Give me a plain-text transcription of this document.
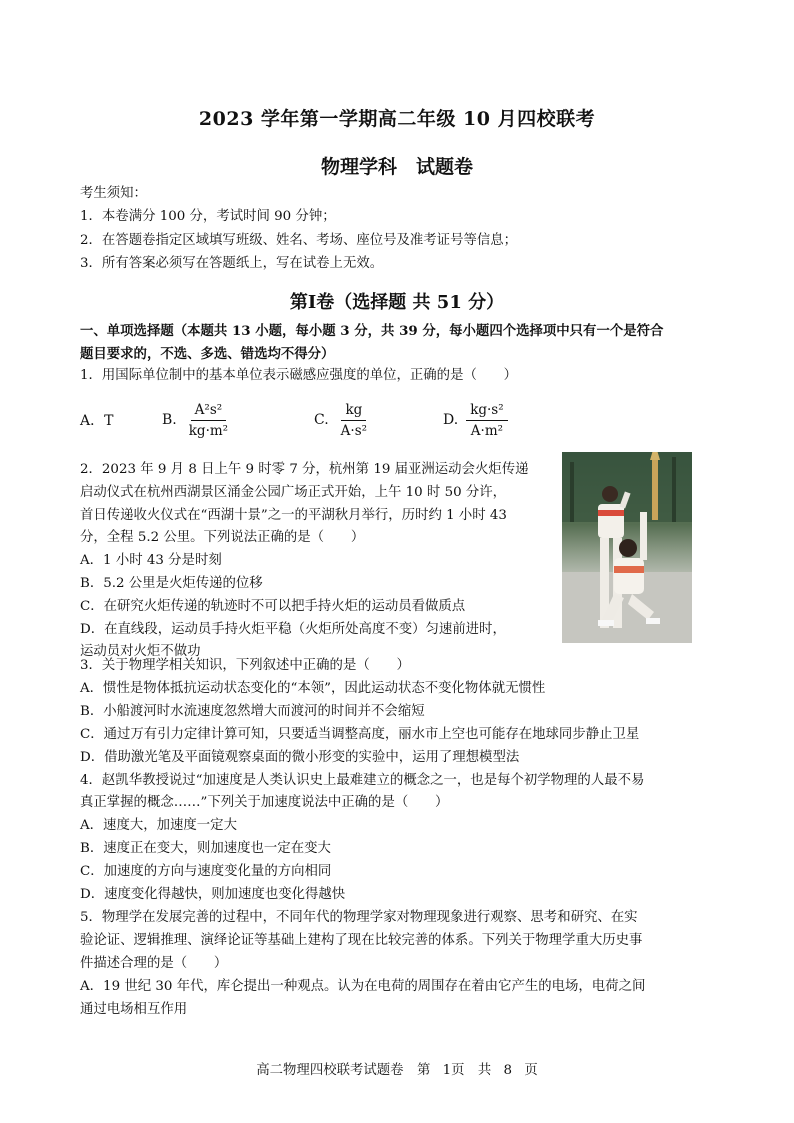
2023 学年第一学期高二年级 10 月四校联考
物理学科　试题卷
考生须知：
1．本卷满分 100 分，考试时间 90 分钟；
2．在答题卷指定区域填写班级、姓名、考场、座位号及准考证号等信息；
3．所有答案必须写在答题纸上，写在试卷上无效。
第Ⅰ卷（选择题 共 51 分）
一、单项选择题（本题共 13 小题，每小题 3 分，共 39 分，每小题四个选择项中只有一个是符合
题目要求的，不选、多选、错选均不得分）
1．用国际单位制中的基本单位表示磁感应强度的单位，正确的是（　　）
A．T	B. $\frac{\text{A²s²}}{\text{kg·m²}}$	C. $\frac{kg}{\text{A·s²}}$	D. $\frac{\text{kg·s²}}{\text{A·m²}}$
2．2023 年 9 月 8 日上午 9 时零 7 分，杭州第 19 届亚洲运动会火炬传递
启动仪式在杭州西湖景区涌金公园广场正式开始，上午 10 时 50 分许，
首日传递收火仪式在“西湖十景”之一的平湖秋月举行，历时约 1 小时 43
分，全程 5.2 公里。下列说法正确的是（　　）
A．1 小时 43 分是时刻
B．5.2 公里是火炬传递的位移
C．在研究火炬传递的轨迹时不可以把手持火炬的运动员看做质点
D．在直线段，运动员手持火炬平稳（火炬所处高度不变）匀速前进时，
运动员对火炬不做功
3．关于物理学相关知识，下列叙述中正确的是（　　）
A．惯性是物体抵抗运动状态变化的“本领”，因此运动状态不变化物体就无惯性
B．小船渡河时水流速度忽然增大而渡河的时间并不会缩短
C．通过万有引力定律计算可知，只要适当调整高度，丽水市上空也可能存在地球同步静止卫星
D．借助激光笔及平面镜观察桌面的微小形变的实验中，运用了理想模型法
4．赵凯华教授说过“加速度是人类认识史上最难建立的概念之一，也是每个初学物理的人最不易
真正掌握的概念……”下列关于加速度说法中正确的是（　　）
A．速度大，加速度一定大
B．速度正在变大，则加速度也一定在变大
C．加速度的方向与速度变化量的方向相同
D．速度变化得越快，则加速度也变化得越快
5．物理学在发展完善的过程中，不同年代的物理学家对物理现象进行观察、思考和研究、在实
验论证、逻辑推理、演绎论证等基础上建构了现在比较完善的体系。下列关于物理学重大历史事
件描述合理的是（　　）
A．19 世纪 30 年代，库仑提出一种观点。认为在电荷的周围存在着由它产生的电场，电荷之间
通过电场相互作用
高二物理四校联考试题卷　第 1页　共 8 页
